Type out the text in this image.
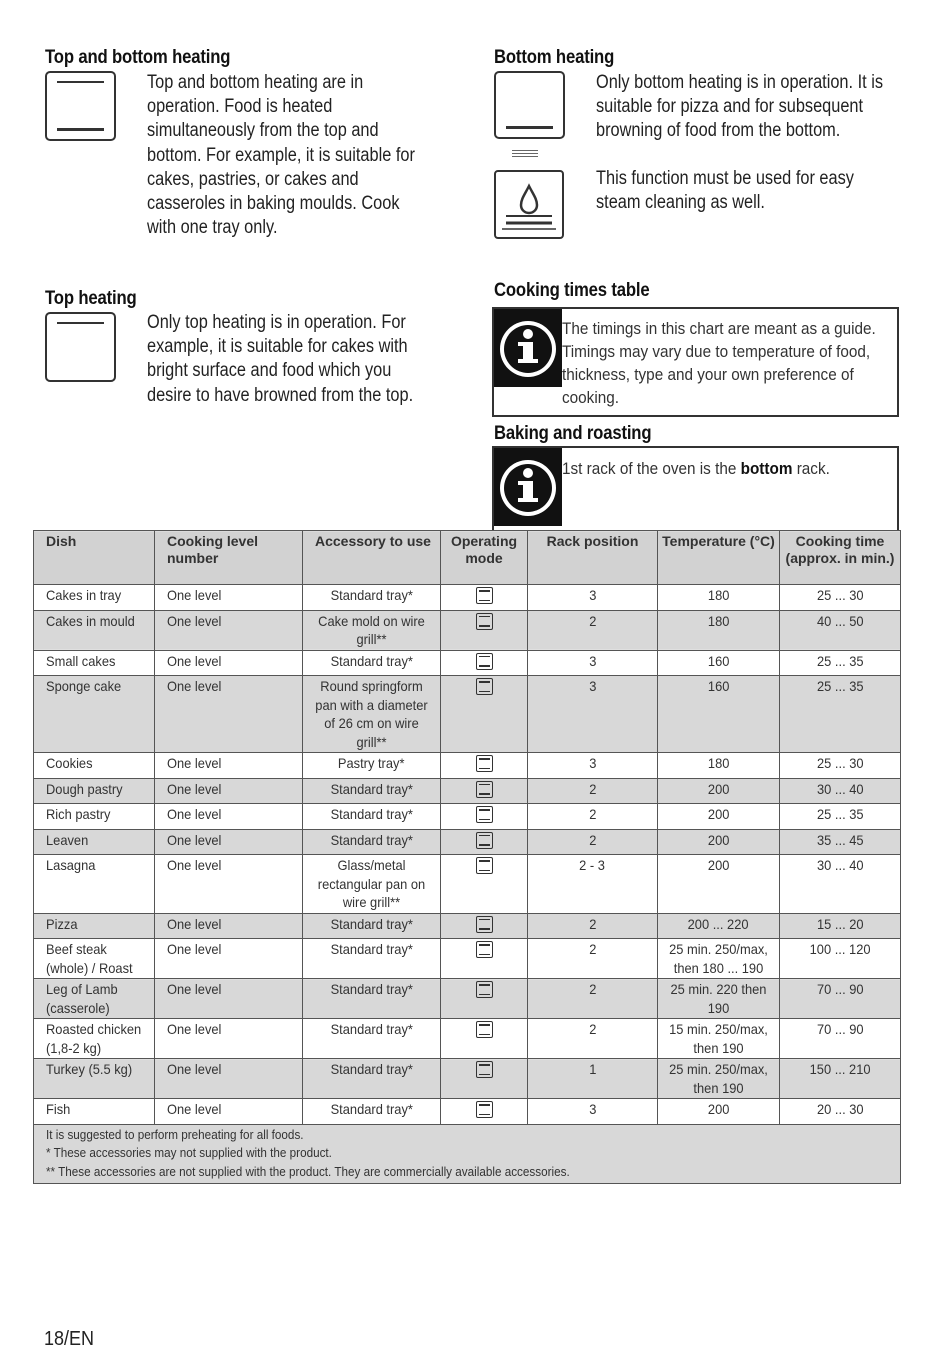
Top and bottom heating

Top and bottom heating are in operation. Food is heated simultaneously from the top and bottom. For example, it is suitable for cakes, pastries, or cakes and casseroles in baking moulds. Cook with one tray only.

Bottom heating

Only bottom heating is in operation. It is suitable for pizza and for subsequent browning of food from the bottom.

This function must be used for easy steam cleaning as well.

Top heating

Only top heating is in operation. For example, it is suitable for cakes with bright surface and food which you desire to have browned from the top.

Cooking times table

The timings in this chart are meant as a guide. Timings may vary due to temperature of food, thickness, type and your own preference of cooking.

Baking and roasting

1st rack of the oven is the bottom rack.

Dish	Cooking level number	Accessory to use	Operating mode	Rack position	Temperature (°C)	Cooking time (approx. in min.)
Cakes in tray	One level	Standard tray*		3	180	25 ... 30
Cakes in mould	One level	Cake mold on wire grill**		2	180	40 ... 50
Small cakes	One level	Standard tray*		3	160	25 ... 35
Sponge cake	One level	Round springform pan with a diameter of 26 cm on wire grill**		3	160	25 ... 35
Cookies	One level	Pastry tray*		3	180	25 ... 30
Dough pastry	One level	Standard tray*		2	200	30 ... 40
Rich pastry	One level	Standard tray*		2	200	25 ... 35
Leaven	One level	Standard tray*		2	200	35 ... 45
Lasagna	One level	Glass/metal rectangular pan on wire grill**		2 - 3	200	30 ... 40
Pizza	One level	Standard tray*		2	200 ... 220	15 ... 20
Beef steak (whole) / Roast	One level	Standard tray*		2	25 min. 250/max, then 180 ... 190	100 ... 120
Leg of Lamb (casserole)	One level	Standard tray*		2	25 min. 220 then 190	70 ... 90
Roasted chicken (1,8-2 kg)	One level	Standard tray*		2	15 min. 250/max, then 190	70 ... 90
Turkey (5.5 kg)	One level	Standard tray*		1	25 min. 250/max, then 190	150 ... 210
Fish	One level	Standard tray*		3	200	20 ... 30

It is suggested to perform preheating for all foods.
* These accessories may not supplied with the product.
** These accessories are not supplied with the product. They are commercially available accessories.						
18/EN
